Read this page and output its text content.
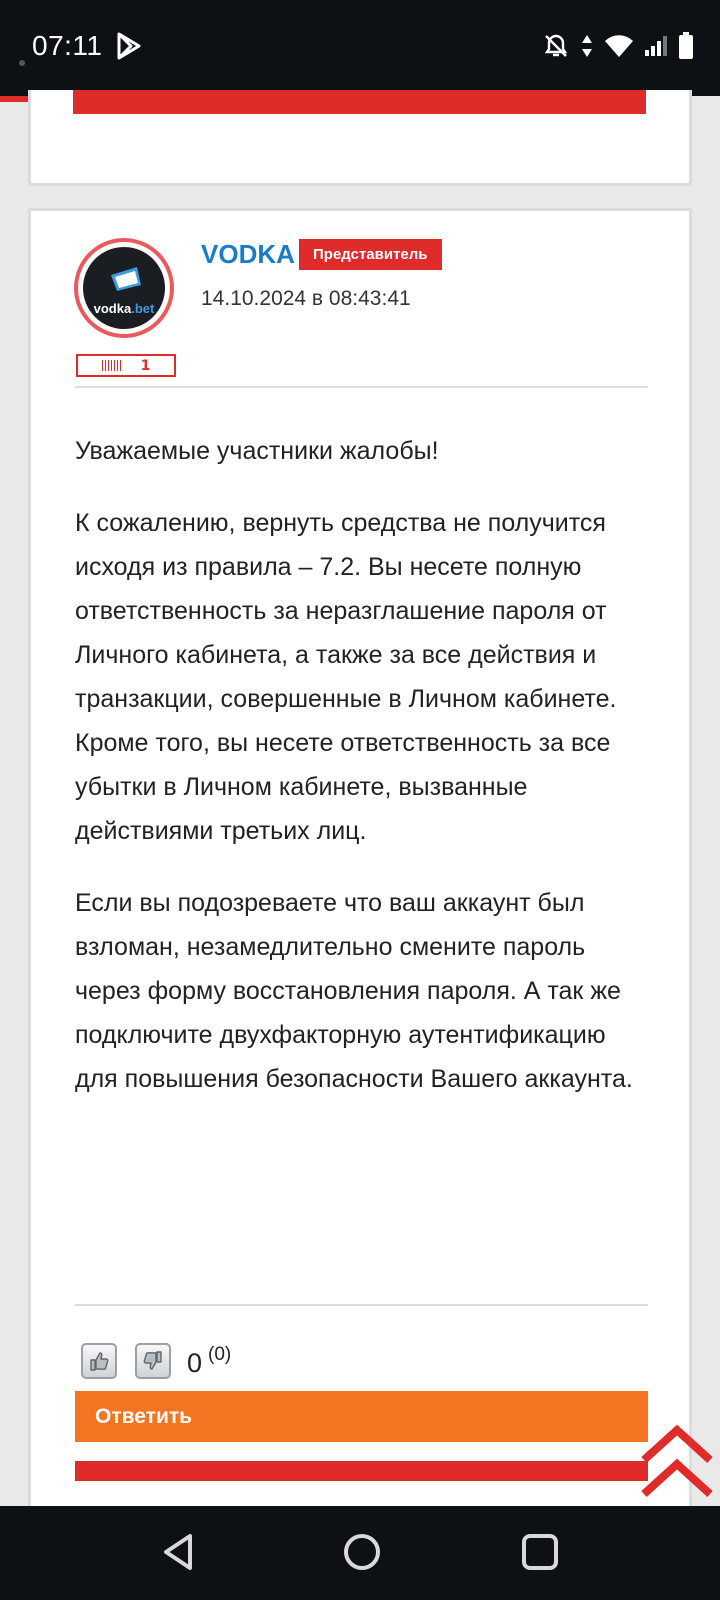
07:11
vodka.bet
1
VODKA	Представитель
14.10.2024 в 08:43:41

Уважаемые участники жалобы!

К сожалению, вернуть средства не получится исходя из правила – 7.2. Вы несете полную ответственность за неразглашение пароля от Личного кабинета, а также за все действия и транзакции, совершенные в Личном кабинете. Кроме того, вы несете ответственность за все убытки в Личном кабинете, вызванные действиями третьих лиц.

Если вы подозреваете что ваш аккаунт был взломан, незамедлительно смените пароль через форму восстановления пароля. А так же подключите двухфакторную аутентификацию для повышения безопасности Вашего аккаунта.

0 $^{(0)}$
Ответить
